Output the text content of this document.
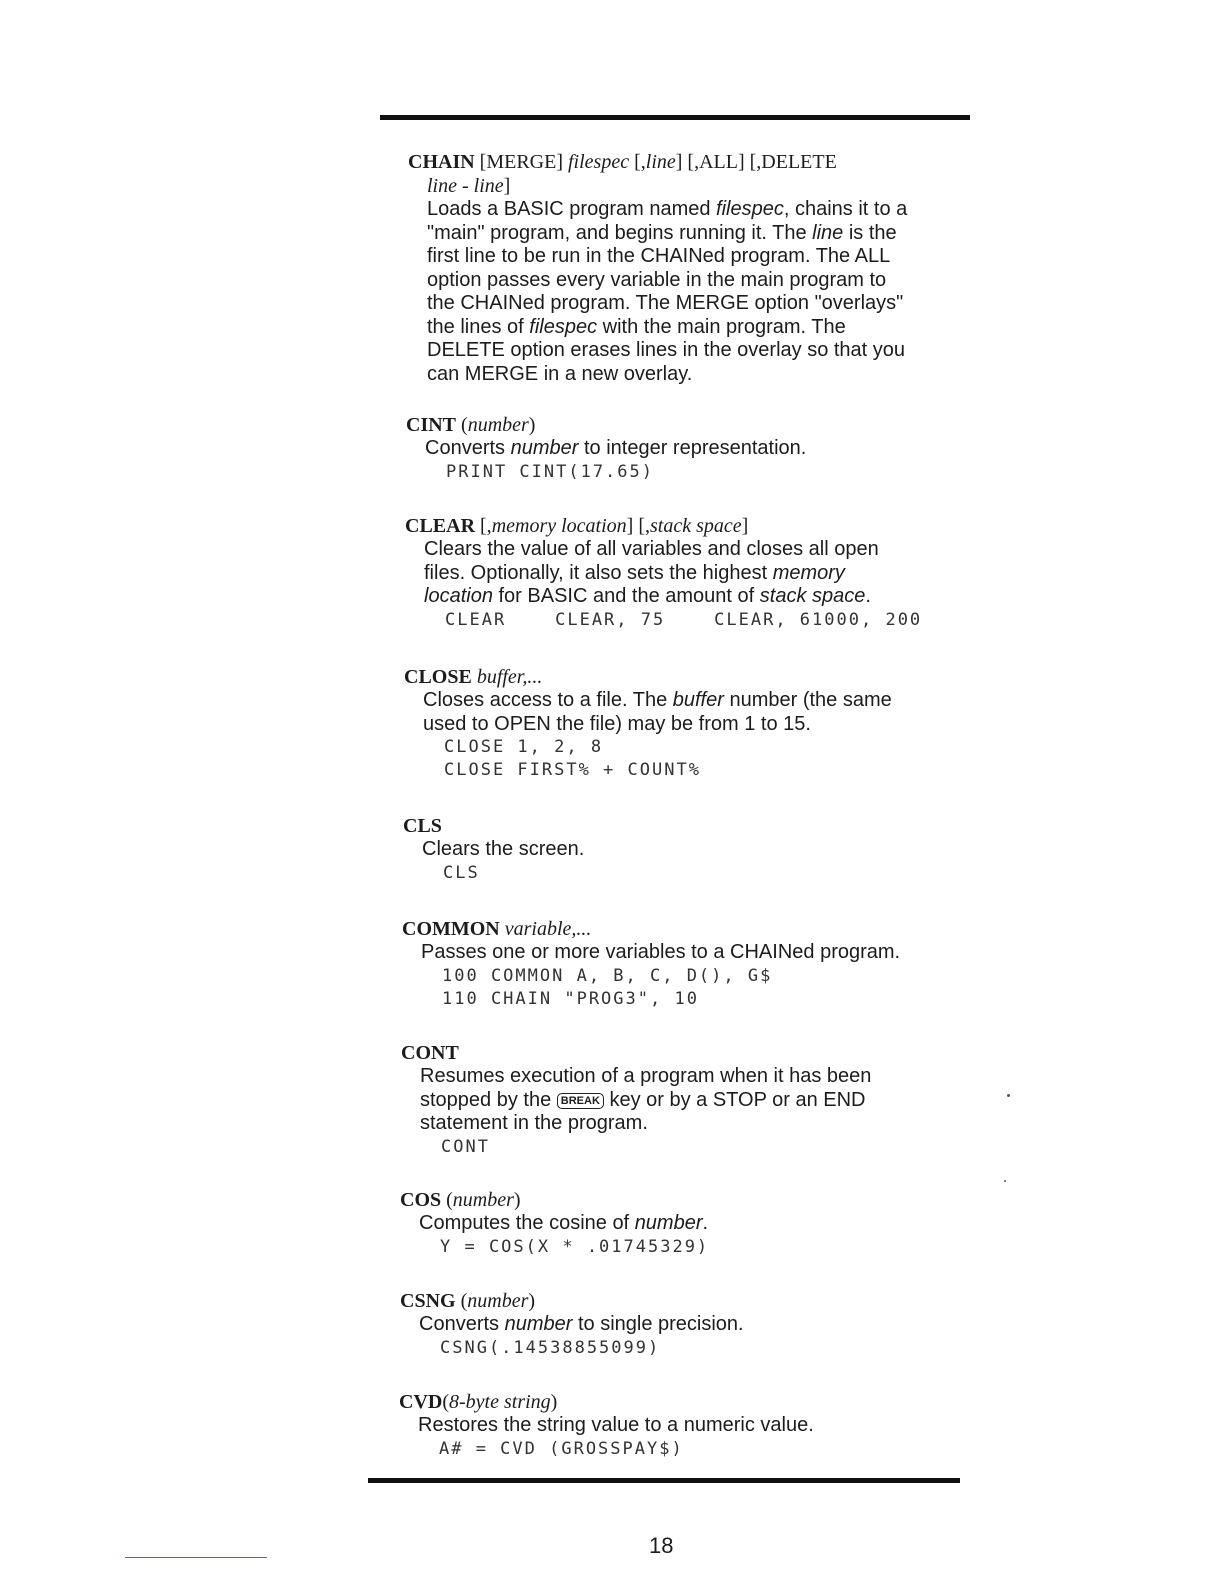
CHAIN [MERGE] filespec [,line] [,ALL] [,DELETE
line - line]
Loads a BASIC program named filespec, chains it to a
"main" program, and begins running it. The line is the
first line to be run in the CHAINed program. The ALL
option passes every variable in the main program to
the CHAINed program. The MERGE option "overlays"
the lines of filespec with the main program. The
DELETE option erases lines in the overlay so that you
can MERGE in a new overlay.
CINT (number)
Converts number to integer representation.
PRINT CINT(17.65)
CLEAR [,memory location] [,stack space]
Clears the value of all variables and closes all open
files. Optionally, it also sets the highest memory
location for BASIC and the amount of stack space.
CLEAR    CLEAR, 75    CLEAR, 61000, 200
CLOSE buffer,...
Closes access to a file. The buffer number (the same
used to OPEN the file) may be from 1 to 15.
CLOSE 1, 2, 8
CLOSE FIRST% + COUNT%
CLS
Clears the screen.
CLS
COMMON variable,...
Passes one or more variables to a CHAINed program.
100 COMMON A, B, C, D(), G$
110 CHAIN "PROG3", 10
CONT
Resumes execution of a program when it has been
stopped by the BREAK key or by a STOP or an END
statement in the program.
CONT
COS (number)
Computes the cosine of number.
Y = COS(X * .01745329)
CSNG (number)
Converts number to single precision.
CSNG(.14538855099)
CVD(8-byte string)
Restores the string value to a numeric value.
A# = CVD (GROSSPAY$)
18
